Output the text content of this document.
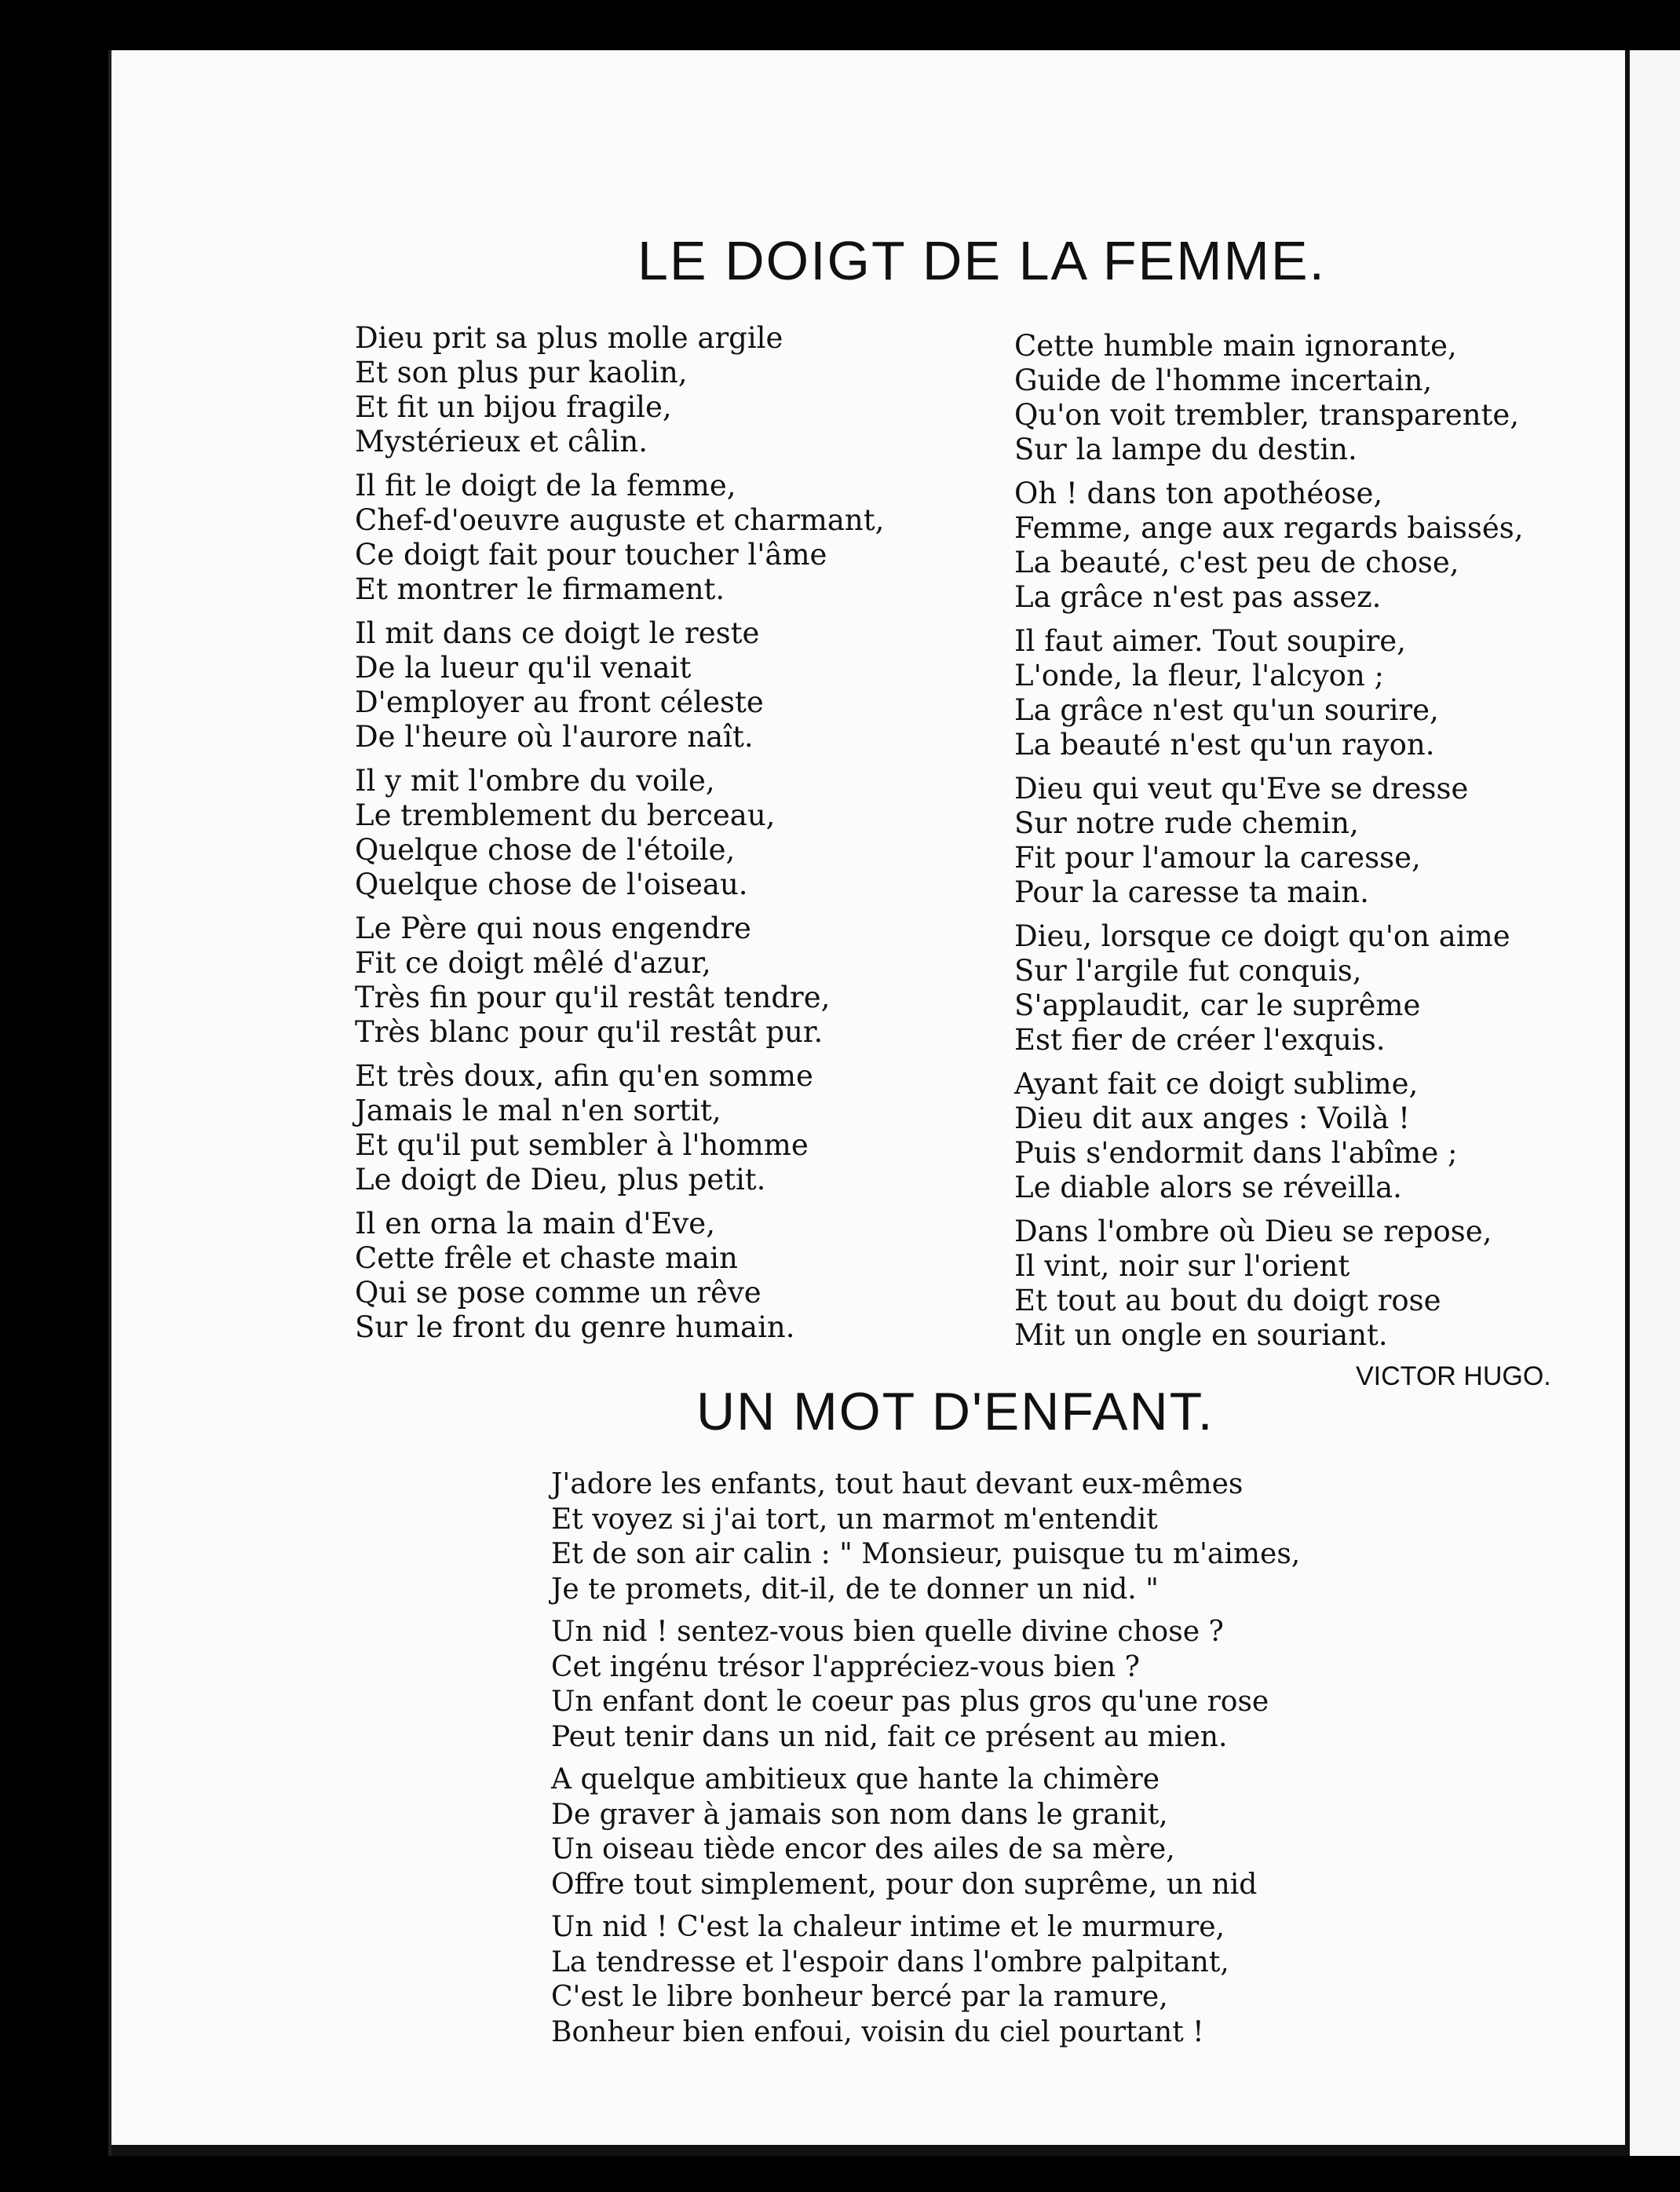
LE DOIGT DE LA FEMME.
Dieu prit sa plus molle argile
Et son plus pur kaolin,
Et fit un bijou fragile,
Mystérieux et câlin.
Il fit le doigt de la femme,
Chef-d'oeuvre auguste et charmant,
Ce doigt fait pour toucher l'âme
Et montrer le firmament.
Il mit dans ce doigt le reste
De la lueur qu'il venait
D'employer au front céleste
De l'heure où l'aurore naît.
Il y mit l'ombre du voile,
Le tremblement du berceau,
Quelque chose de l'étoile,
Quelque chose de l'oiseau.
Le Père qui nous engendre
Fit ce doigt mêlé d'azur,
Très fin pour qu'il restât tendre,
Très blanc pour qu'il restât pur.
Et très doux, afin qu'en somme
Jamais le mal n'en sortit,
Et qu'il put sembler à l'homme
Le doigt de Dieu, plus petit.
Il en orna la main d'Eve,
Cette frêle et chaste main
Qui se pose comme un rêve
Sur le front du genre humain.
Cette humble main ignorante,
Guide de l'homme incertain,
Qu'on voit trembler, transparente,
Sur la lampe du destin.
Oh ! dans ton apothéose,
Femme, ange aux regards baissés,
La beauté, c'est peu de chose,
La grâce n'est pas assez.
Il faut aimer. Tout soupire,
L'onde, la fleur, l'alcyon ;
La grâce n'est qu'un sourire,
La beauté n'est qu'un rayon.
Dieu qui veut qu'Eve se dresse
Sur notre rude chemin,
Fit pour l'amour la caresse,
Pour la caresse ta main.
Dieu, lorsque ce doigt qu'on aime
Sur l'argile fut conquis,
S'applaudit, car le suprême
Est fier de créer l'exquis.
Ayant fait ce doigt sublime,
Dieu dit aux anges : Voilà !
Puis s'endormit dans l'abîme ;
Le diable alors se réveilla.
Dans l'ombre où Dieu se repose,
Il vint, noir sur l'orient
Et tout au bout du doigt rose
Mit un ongle en souriant.
VICTOR HUGO.
UN MOT D'ENFANT.
J'adore les enfants, tout haut devant eux-mêmes
Et voyez si j'ai tort, un marmot m'entendit
Et de son air calin : " Monsieur, puisque tu m'aimes,
Je te promets, dit-il, de te donner un nid. "
Un nid ! sentez-vous bien quelle divine chose ?
Cet ingénu trésor l'appréciez-vous bien ?
Un enfant dont le coeur pas plus gros qu'une rose
Peut tenir dans un nid, fait ce présent au mien.
A quelque ambitieux que hante la chimère
De graver à jamais son nom dans le granit,
Un oiseau tiède encor des ailes de sa mère,
Offre tout simplement, pour don suprême, un nid
Un nid ! C'est la chaleur intime et le murmure,
La tendresse et l'espoir dans l'ombre palpitant,
C'est le libre bonheur bercé par la ramure,
Bonheur bien enfoui, voisin du ciel pourtant !
